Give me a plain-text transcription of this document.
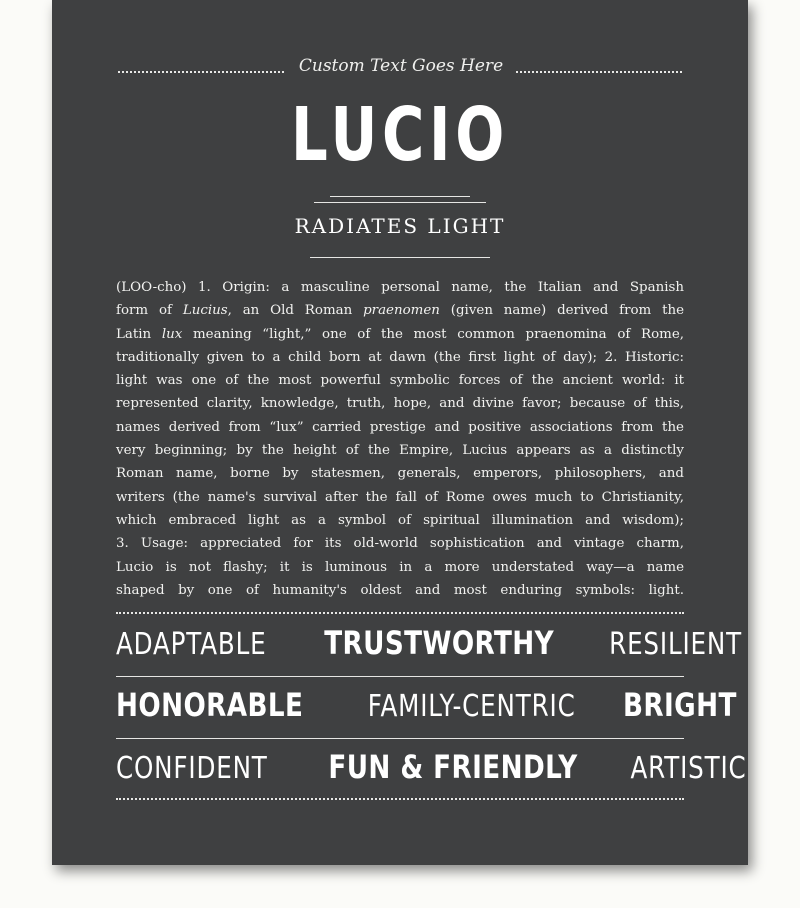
Custom Text Goes Here
LUCIO
RADIATES LIGHT
(LOO-cho) 1. Origin: a masculine personal name, the Italian and Spanish
form of Lucius, an Old Roman praenomen (given name) derived from the
Latin lux meaning “light,” one of the most common praenomina of Rome,
traditionally given to a child born at dawn (the first light of day); 2. Historic:
light was one of the most powerful symbolic forces of the ancient world: it
represented clarity, knowledge, truth, hope, and divine favor; because of this,
names derived from “lux” carried prestige and positive associations from the
very beginning; by the height of the Empire, Lucius appears as a distinctly
Roman name, borne by statesmen, generals, emperors, philosophers, and
writers (the name's survival after the fall of Rome owes much to Christianity,
which embraced light as a symbol of spiritual illumination and wisdom);
3. Usage: appreciated for its old-world sophistication and vintage charm,
Lucio is not flashy; it is luminous in a more understated way—a name
shaped by one of humanity's oldest and most enduring symbols: light.
ADAPTABLE TRUSTWORTHY RESILIENT
HONORABLE FAMILY-CENTRIC BRIGHT
CONFIDENT FUN & FRIENDLY ARTISTIC
